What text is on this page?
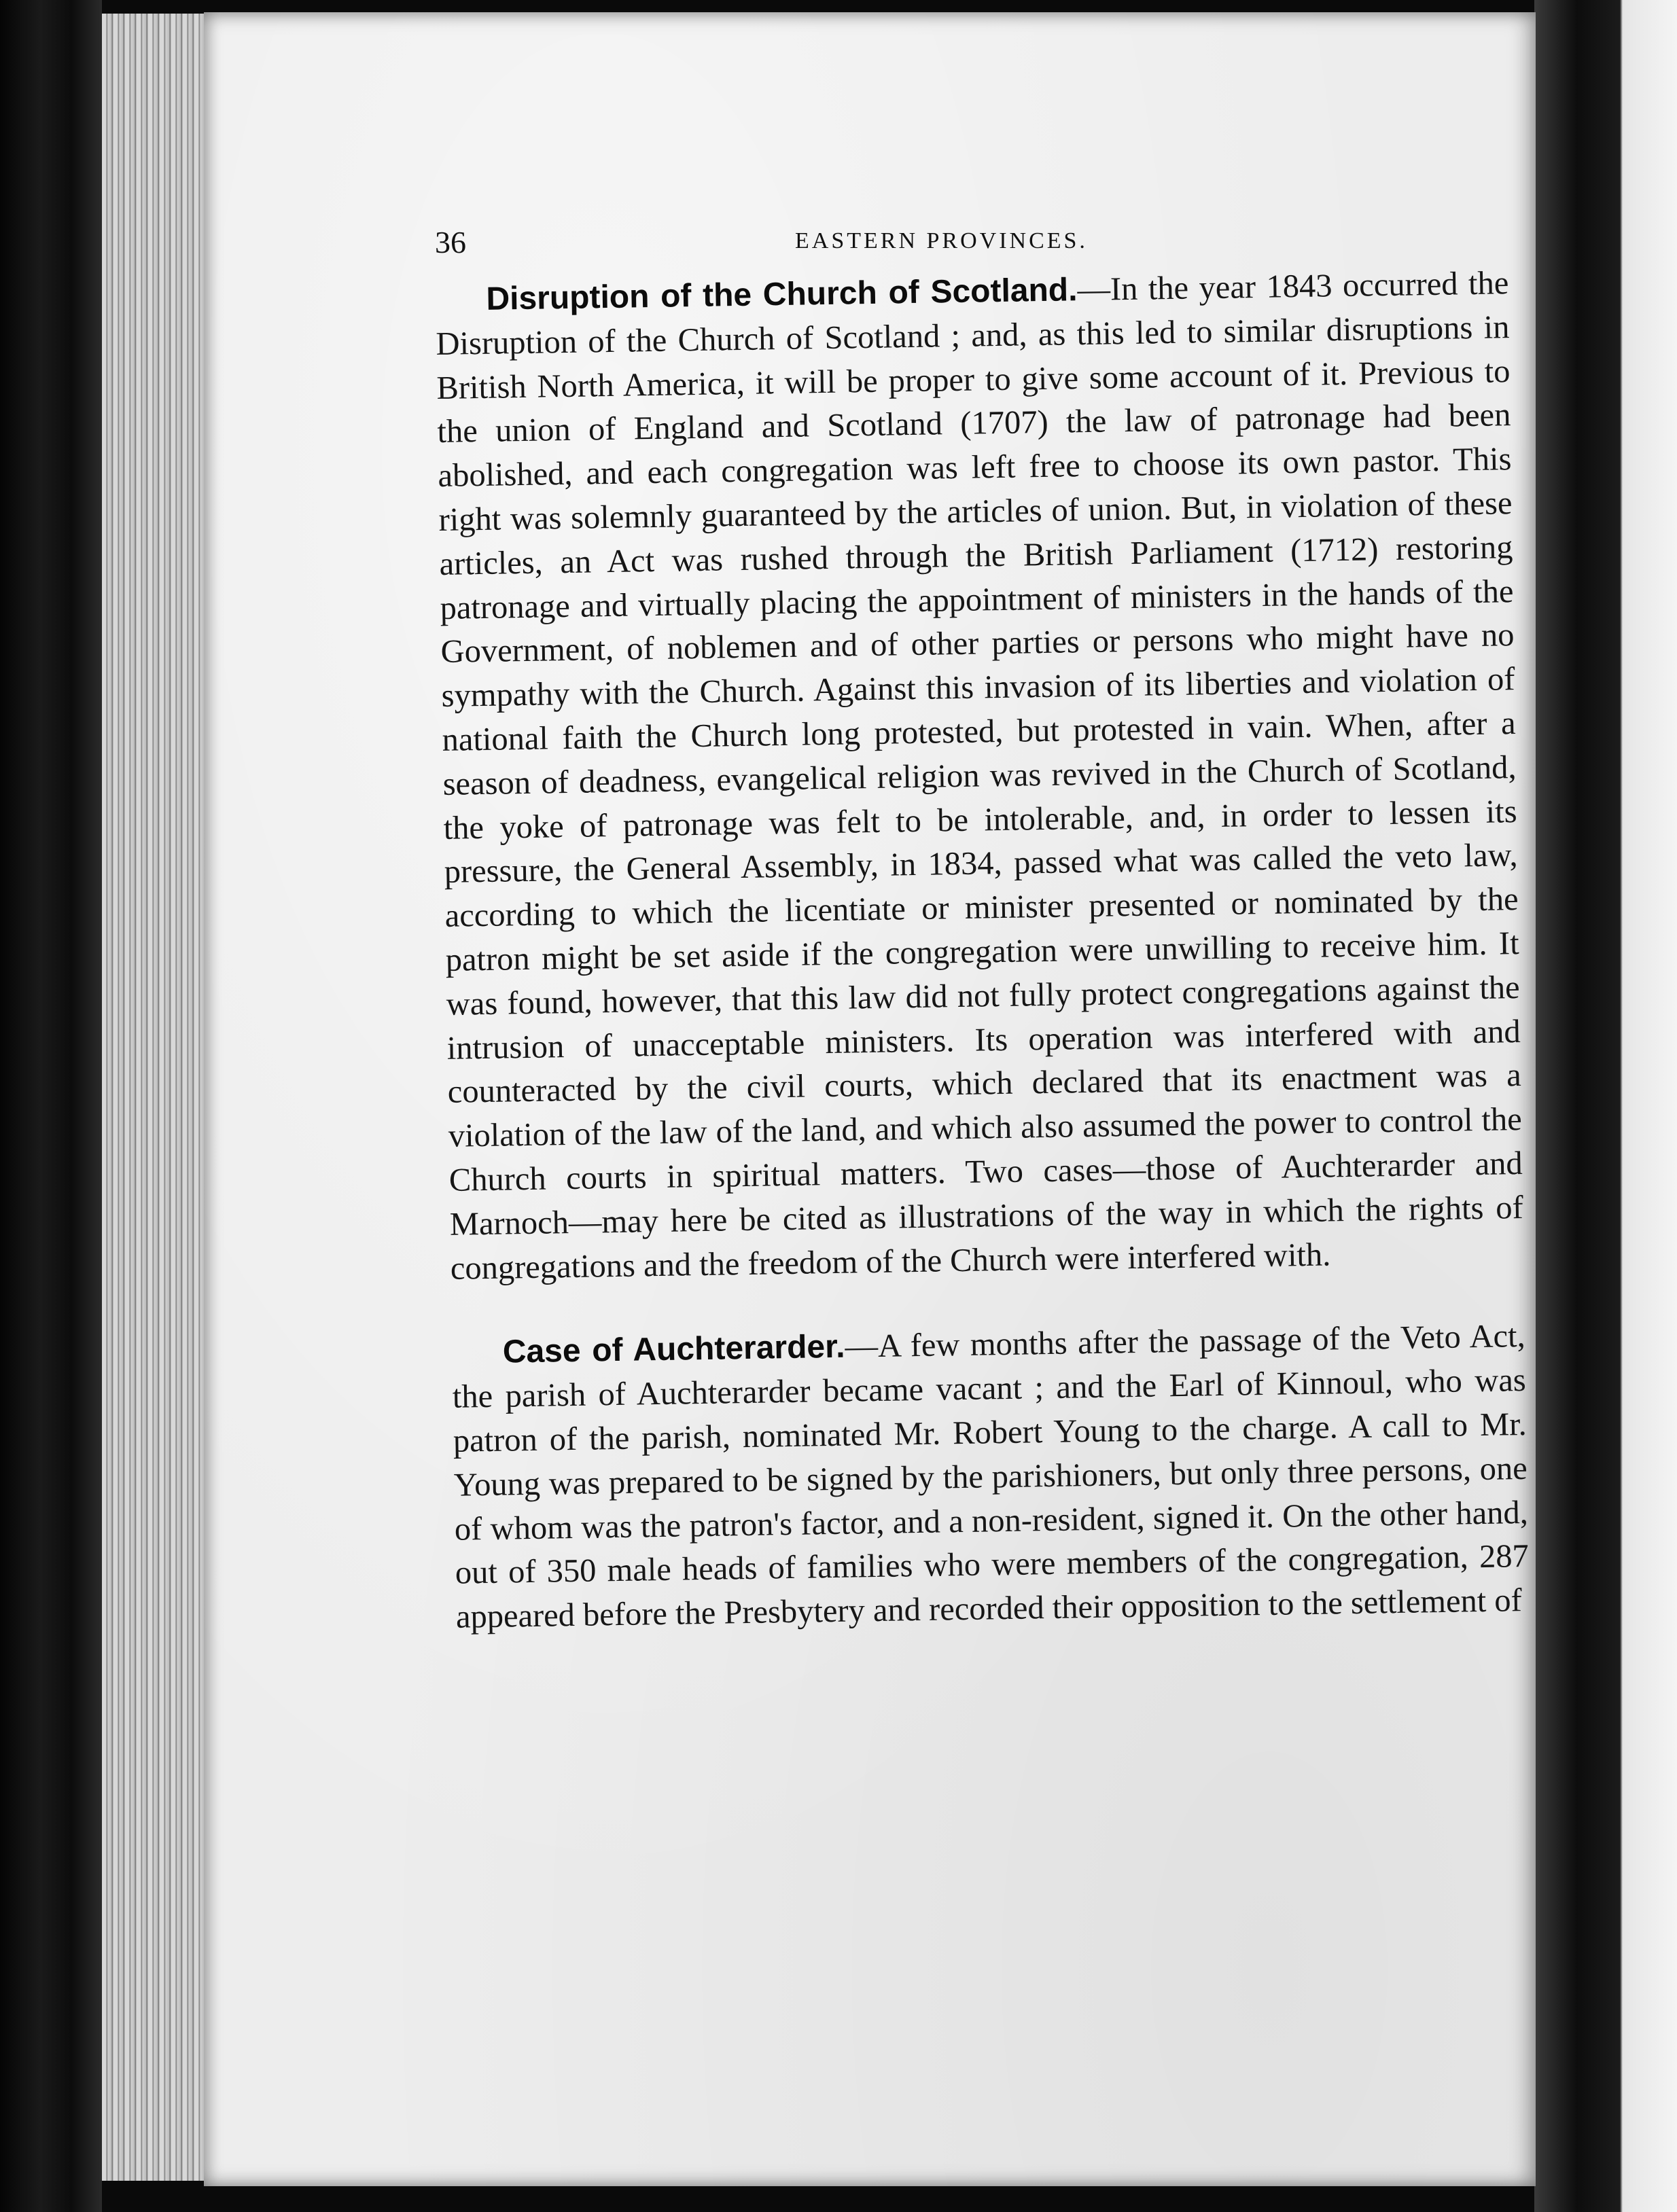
36	EASTERN PROVINCES.

Disruption of the Church of Scotland.—In the year 1843 occurred the Disruption of the Church of Scotland ; and, as this led to similar disruptions in British North America, it will be proper to give some account of it. Previous to the union of England and Scotland (1707) the law of patronage had been abolished, and each congregation was left free to choose its own pastor. This right was solemnly guaranteed by the articles of union. But, in violation of these articles, an Act was rushed through the British Parliament (1712) restoring patronage and virtually placing the appointment of ministers in the hands of the Government, of noblemen and of other parties or persons who might have no sympathy with the Church. Against this invasion of its liberties and violation of national faith the Church long protested, but protested in vain. When, after a season of deadness, evangelical religion was revived in the Church of Scotland, the yoke of patronage was felt to be intolerable, and, in order to lessen its pressure, the General Assembly, in 1834, passed what was called the veto law, according to which the licentiate or minister presented or nominated by the patron might be set aside if the congregation were unwilling to receive him. It was found, however, that this law did not fully protect congregations against the intrusion of unacceptable ministers. Its operation was interfered with and counteracted by the civil courts, which declared that its enactment was a violation of the law of the land, and which also assumed the power to control the Church courts in spiritual matters. Two cases—those of Auchterarder and Marnoch—may here be cited as illustrations of the way in which the rights of congregations and the freedom of the Church were interfered with.

Case of Auchterarder.—A few months after the passage of the Veto Act, the parish of Auchterarder became vacant ; and the Earl of Kinnoul, who was patron of the parish, nominated Mr. Robert Young to the charge. A call to Mr. Young was prepared to be signed by the parishioners, but only three persons, one of whom was the patron's factor, and a non-resident, signed it. On the other hand, out of 350 male heads of families who were members of the congregation, 287 appeared before the Presbytery and recorded their opposition to the settlement of
